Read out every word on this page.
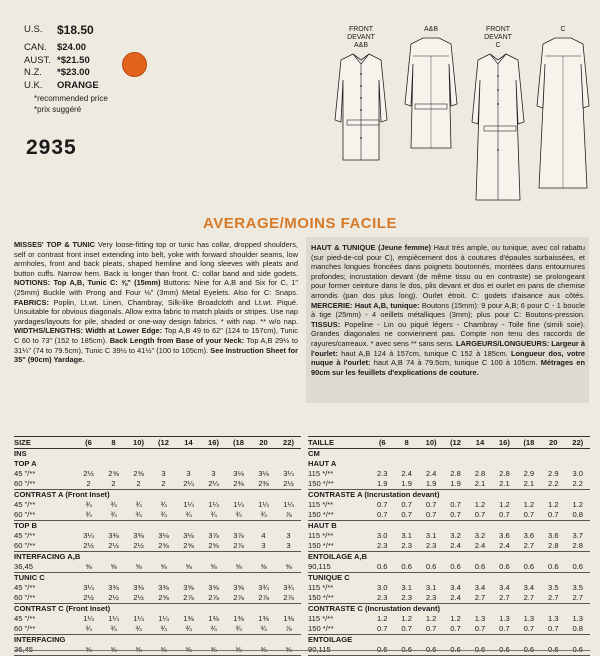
U.S.	$18.50
CAN.	$24.00
AUST. *$21.50
N.Z.	*$23.00
U.K.	ORANGE
*recommended price
*prix suggéré
2935
FRONT
DEVANT
A&B
A&B	FRONT
DEVANT
C
C
AVERAGE/MOINS FACILE
MISSES' TOP & TUNIC Very loose-fitting top or tunic has collar, dropped shoulders, self or contrast front inset extending into belt, yoke with forward shoulder seams, low armholes, front and back pleats, shaped hemline and long sleeves with pleats and button cuffs. Narrow hem. Back is longer than front. C: collar band and side godets. NOTIONS: Top A,B, Tunic C: ⅝" (15mm) Buttons: Nine for A,B and Six for C, 1" (25mm) Buckle with Prong and Four ⅛" (3mm) Metal Eyelets. Also for C: Snaps. FABRICS: Poplin, Lt.wt. Linen, Chambray, Silk-like Broadcloth and Lt.wt. Piqué. Unsuitable for obvious diagonals. Allow extra fabric to match plaids or stripes. Use nap yardages/layouts for pile, shaded or one-way design fabrics. * with nap. ** w/o nap. WIDTHS/LENGTHS: Width at Lower Edge: Top A,B 49 to 62" (124 to 157cm), Tunic C 60 to 73" (152 to 185cm). Back Length from Base of your Neck: Top A,B 29½ to 31¼" (74 to 79.5cm), Tunic C 39½ to 41½" (100 to 105cm). See Instruction Sheet for 35" (90cm) Yardage.
HAUT & TUNIQUE (Jeune femme) Haut très ample, ou tunique, avec col rabattu (sur pied-de-col pour C), empiècement dos à coutures d'épaules surbaissées, et manches longues froncées dans poignets boutonnés, montées dans entournures profondes; incrustation devant (de même tissu ou en contraste) se prolongeant pour former ceinture dans le dos, plis devant et dos et ourlet en pans de chemise arrondis (pan dos plus long). Ourlet étroit. C: godets d'aisance aux côtés. MERCERIE: Haut A,B, tunique: Boutons (15mm): 9 pour A,B; 6 pour C - 1 boucle à tige (25mm) - 4 oeillets métalliques (3mm); plus pour C: Boutons-pression. TISSUS: Popeline - Lin ou piqué légers - Chambray - Toile fine (simili soie). Grandes diagonales ne conviennent pas. Compte non tenu des raccords de rayures/carreaux. * avec sens ** sans sens. LARGEURS/LONGUEURS: Largeur à l'ourlet: haut A,B 124 à 157cm, tunique C 152 à 185cm. Longueur dos, votre nuque à l'ourlet: haut A,B 74 à 79.5cm, tunique C 100 à 105cm. Métrages en 90cm sur les feuillets d'explications de couture.
SIZE	(6	8	10)	(12	14	16)	(18	20	22)
INS
TOP A
45 "/**	2½	2⅝	2⅝	3	3	3	3⅛	3⅛	3¼
60 "/**	2	2	2	2	2¼	2¼	2⅜	2⅜	2½
CONTRAST A (Front Inset)
45 "/**	¾	¾	¾	¾	1¼	1¼	1¼	1¼	1¼
60 "/**	¾	¾	¾	¾	¾	¾	¾	¾	⅞
TOP B
45 "/**	3¼	3⅜	3⅜	3⅛	3⅛	3⅞	3⅞	4	3
60 "/**	2½	2½	2½	2⅝	2⅝	2⅝	2⅞	3	3
INTERFACING A,B
36,45	⅝	⅝	⅝	⅝	⅝	⅝	⅝	⅝	⅝
TUNIC C
45 "/**	3¼	3⅜	3⅜	3⅜	3⅝	3⅝	3⅝	3¾	3¾
60 "/**	2½	2½	2½	2⅝	2⅞	2⅞	2⅞	2⅞	2⅞
CONTRAST C (Front Inset)
45 "/**	1¼	1¼	1¼	1¼	1⅜	1⅜	1⅜	1⅜	1⅜
60 "/**	¾	¾	¾	¾	¾	¾	¾	¾	⅞
INTERFACING
36,45	⅝	⅝	⅝	⅝	⅝	⅝	⅝	⅝	⅝
TAILLE	(6	8	10)	(12	14	16)	(18	20	22)
CM
HAUT A
115 */**	2.3	2.4	2.4	2.8	2.8	2.8	2.9	2.9	3.0
150 */**	1.9	1.9	1.9	1.9	2.1	2.1	2.1	2.2	2.2
CONTRASTE A (Incrustation devant)
115 */**	0.7	0.7	0.7	0.7	1.2	1.2	1.2	1.2	1.2
150 */**	0.7	0.7	0.7	0.7	0.7	0.7	0.7	0.7	0.8
HAUT B
115 */**	3.0	3.1	3.1	3.2	3.2	3.6	3.6	3.6	3.7
150 */**	2.3	2.3	2.3	2.4	2.4	2.4	2.7	2.8	2.8
ENTOILAGE A,B
90,115	0.6	0.6	0.6	0.6	0.6	0.6	0.6	0.6	0.6
TUNIQUE C
115 */**	3.0	3.1	3.1	3.4	3.4	3.4	3.4	3.5	3.5
150 */**	2.3	2.3	2.3	2.4	2.7	2.7	2.7	2.7	2.7
CONTRASTE C (Incrustation devant)
115 */**	1.2	1.2	1.2	1.2	1.3	1.3	1.3	1.3	1.3
150 */**	0.7	0.7	0.7	0.7	0.7	0.7	0.7	0.7	0.8
ENTOILAGE
90,115	0.6	0.6	0.6	0.6	0.6	0.6	0.6	0.6	0.6
